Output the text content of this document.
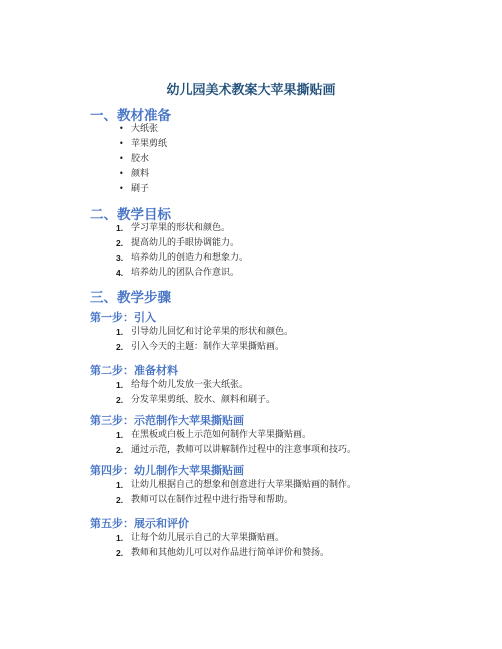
幼儿园美术教案大苹果撕贴画
一、教材准备
• 大纸张
• 苹果剪纸
• 胶水
• 颜料
• 刷子
二、教学目标
1. 学习苹果的形状和颜色。
2. 提高幼儿的手眼协调能力。
3. 培养幼儿的创造力和想象力。
4. 培养幼儿的团队合作意识。
三、教学步骤
第一步：引入
1. 引导幼儿回忆和讨论苹果的形状和颜色。
2. 引入今天的主题：制作大苹果撕贴画。
第二步：准备材料
1. 给每个幼儿发放一张大纸张。
2. 分发苹果剪纸、胶水、颜料和刷子。
第三步：示范制作大苹果撕贴画
1. 在黑板或白板上示范如何制作大苹果撕贴画。
2. 通过示范，教师可以讲解制作过程中的注意事项和技巧。
第四步：幼儿制作大苹果撕贴画
1. 让幼儿根据自己的想象和创意进行大苹果撕贴画的制作。
2. 教师可以在制作过程中进行指导和帮助。
第五步：展示和评价
1. 让每个幼儿展示自己的大苹果撕贴画。
2. 教师和其他幼儿可以对作品进行简单评价和赞扬。
